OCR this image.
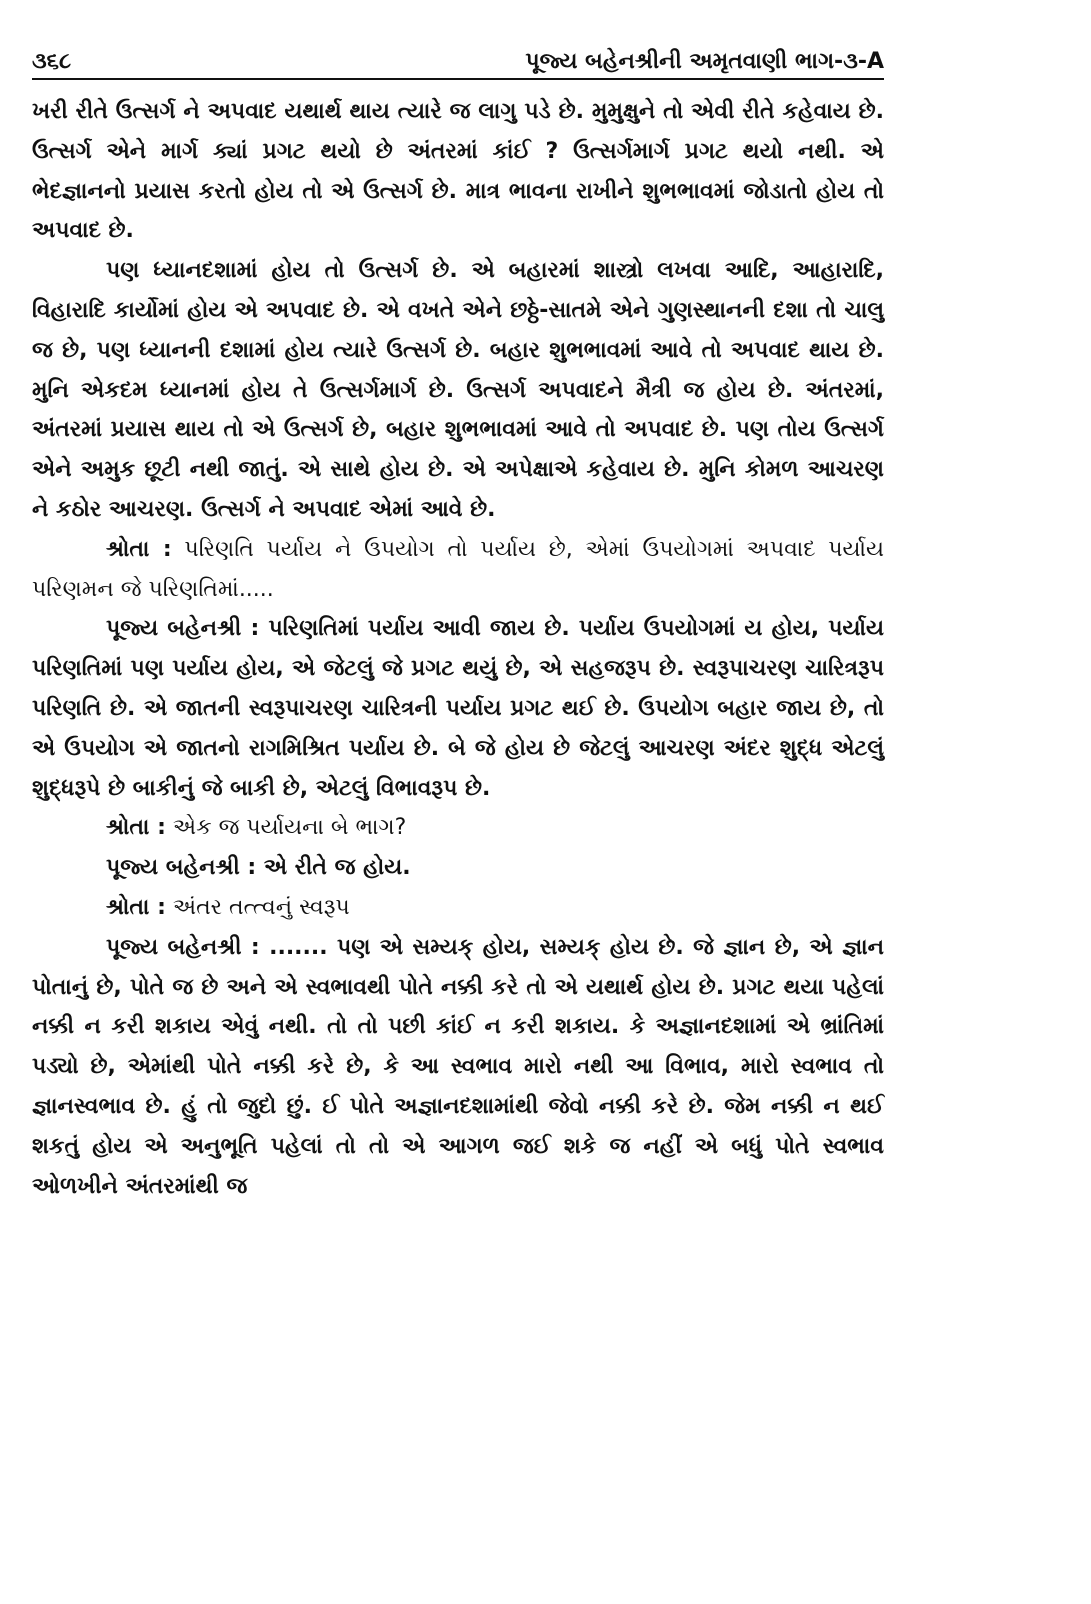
૩૬૮	પૂજ્ય બહેનશ્રીની અમૃતવાણી ભાગ-૩-A

ખરી રીતે ઉત્સર્ગ ને અપવાદ યથાર્થ થાય ત્યારે જ લાગુ પડે છે. મુમુક્ષુને તો એવી રીતે કહેવાય છે. ઉત્સર્ગ એને માર્ગ ક્યાં પ્રગટ થયો છે અંતરમાં કાંઈ ? ઉત્સર્ગમાર્ગ પ્રગટ થયો નથી. એ ભેદજ્ઞાનનો પ્રયાસ કરતો હોય તો એ ઉત્સર્ગ છે. માત્ર ભાવના રાખીને શુભભાવમાં જોડાતો હોય તો અપવાદ છે.

પણ ધ્યાનદશામાં હોય તો ઉત્સર્ગ છે. એ બહારમાં શાસ્ત્રો લખવા આદિ, આહારાદિ, વિહારાદિ કાર્યોમાં હોય એ અપવાદ છે. એ વખતે એને છઠ્ઠે-સાતમે એને ગુણસ્થાનની દશા તો ચાલુ જ છે, પણ ધ્યાનની દશામાં હોય ત્યારે ઉત્સર્ગ છે. બહાર શુભભાવમાં આવે તો અપવાદ થાય છે. મુનિ એકદમ ધ્યાનમાં હોય તે ઉત્સર્ગમાર્ગ છે. ઉત્સર્ગ અપવાદને મૈત્રી જ હોય છે. અંતરમાં, અંતરમાં પ્રયાસ થાય તો એ ઉત્સર્ગ છે, બહાર શુભભાવમાં આવે તો અપવાદ છે. પણ તોય ઉત્સર્ગ એને અમુક છૂટી નથી જાતું. એ સાથે હોય છે. એ અપેક્ષાએ કહેવાય છે. મુનિ કોમળ આચરણ ને કઠોર આચરણ. ઉત્સર્ગ ને અપવાદ એમાં આવે છે.

શ્રોતા : પરિણતિ પર્યાય ને ઉપયોગ તો પર્યાય છે, એમાં ઉપયોગમાં અપવાદ પર્યાય પરિણમન જે પરિણતિમાં.....

પૂજ્ય બહેનશ્રી : પરિણતિમાં પર્યાય આવી જાય છે. પર્યાય ઉપયોગમાં ય હોય, પર્યાય પરિણતિમાં પણ પર્યાય હોય, એ જેટલું જે પ્રગટ થયું છે, એ સહજરૂપ છે. સ્વરૂપાચરણ ચારિત્રરૂપ પરિણતિ છે. એ જાતની સ્વરૂપાચરણ ચારિત્રની પર્યાય પ્રગટ થઈ છે. ઉપયોગ બહાર જાય છે, તો એ ઉપયોગ એ જાતનો રાગમિશ્રિત પર્યાય છે. બે જે હોય છે જેટલું આચરણ અંદર શુદ્ધ એટલું શુદ્ધરૂપે છે બાકીનું જે બાકી છે, એટલું વિભાવરૂપ છે.

શ્રોતા : એક જ પર્યાયના બે ભાગ?

પૂજ્ય બહેનશ્રી : એ રીતે જ હોય.

શ્રોતા : અંતર તત્ત્વનું સ્વરૂપ

પૂજ્ય બહેનશ્રી : ....... પણ એ સમ્યક્ હોય, સમ્યક્ હોય છે. જે જ્ઞાન છે, એ જ્ઞાન પોતાનું છે, પોતે જ છે અને એ સ્વભાવથી પોતે નક્કી કરે તો એ યથાર્થ હોય છે. પ્રગટ થયા પહેલાં નક્કી ન કરી શકાય એવું નથી. તો તો પછી કાંઈ ન કરી શકાય. કે અજ્ઞાનદશામાં એ ભ્રાંતિમાં પડ્યો છે, એમાંથી પોતે નક્કી કરે છે, કે આ સ્વભાવ મારો નથી આ વિભાવ, મારો સ્વભાવ તો જ્ઞાનસ્વભાવ છે. હું તો જુદો છું. ઈ પોતે અજ્ઞાનદશામાંથી જેવો નક્કી કરે છે. જેમ નક્કી ન થઈ શકતું હોય એ અનુભૂતિ પહેલાં તો તો એ આગળ જઈ શકે જ નહીં એ બધું પોતે સ્વભાવ ઓળખીને અંતરમાંથી જ
